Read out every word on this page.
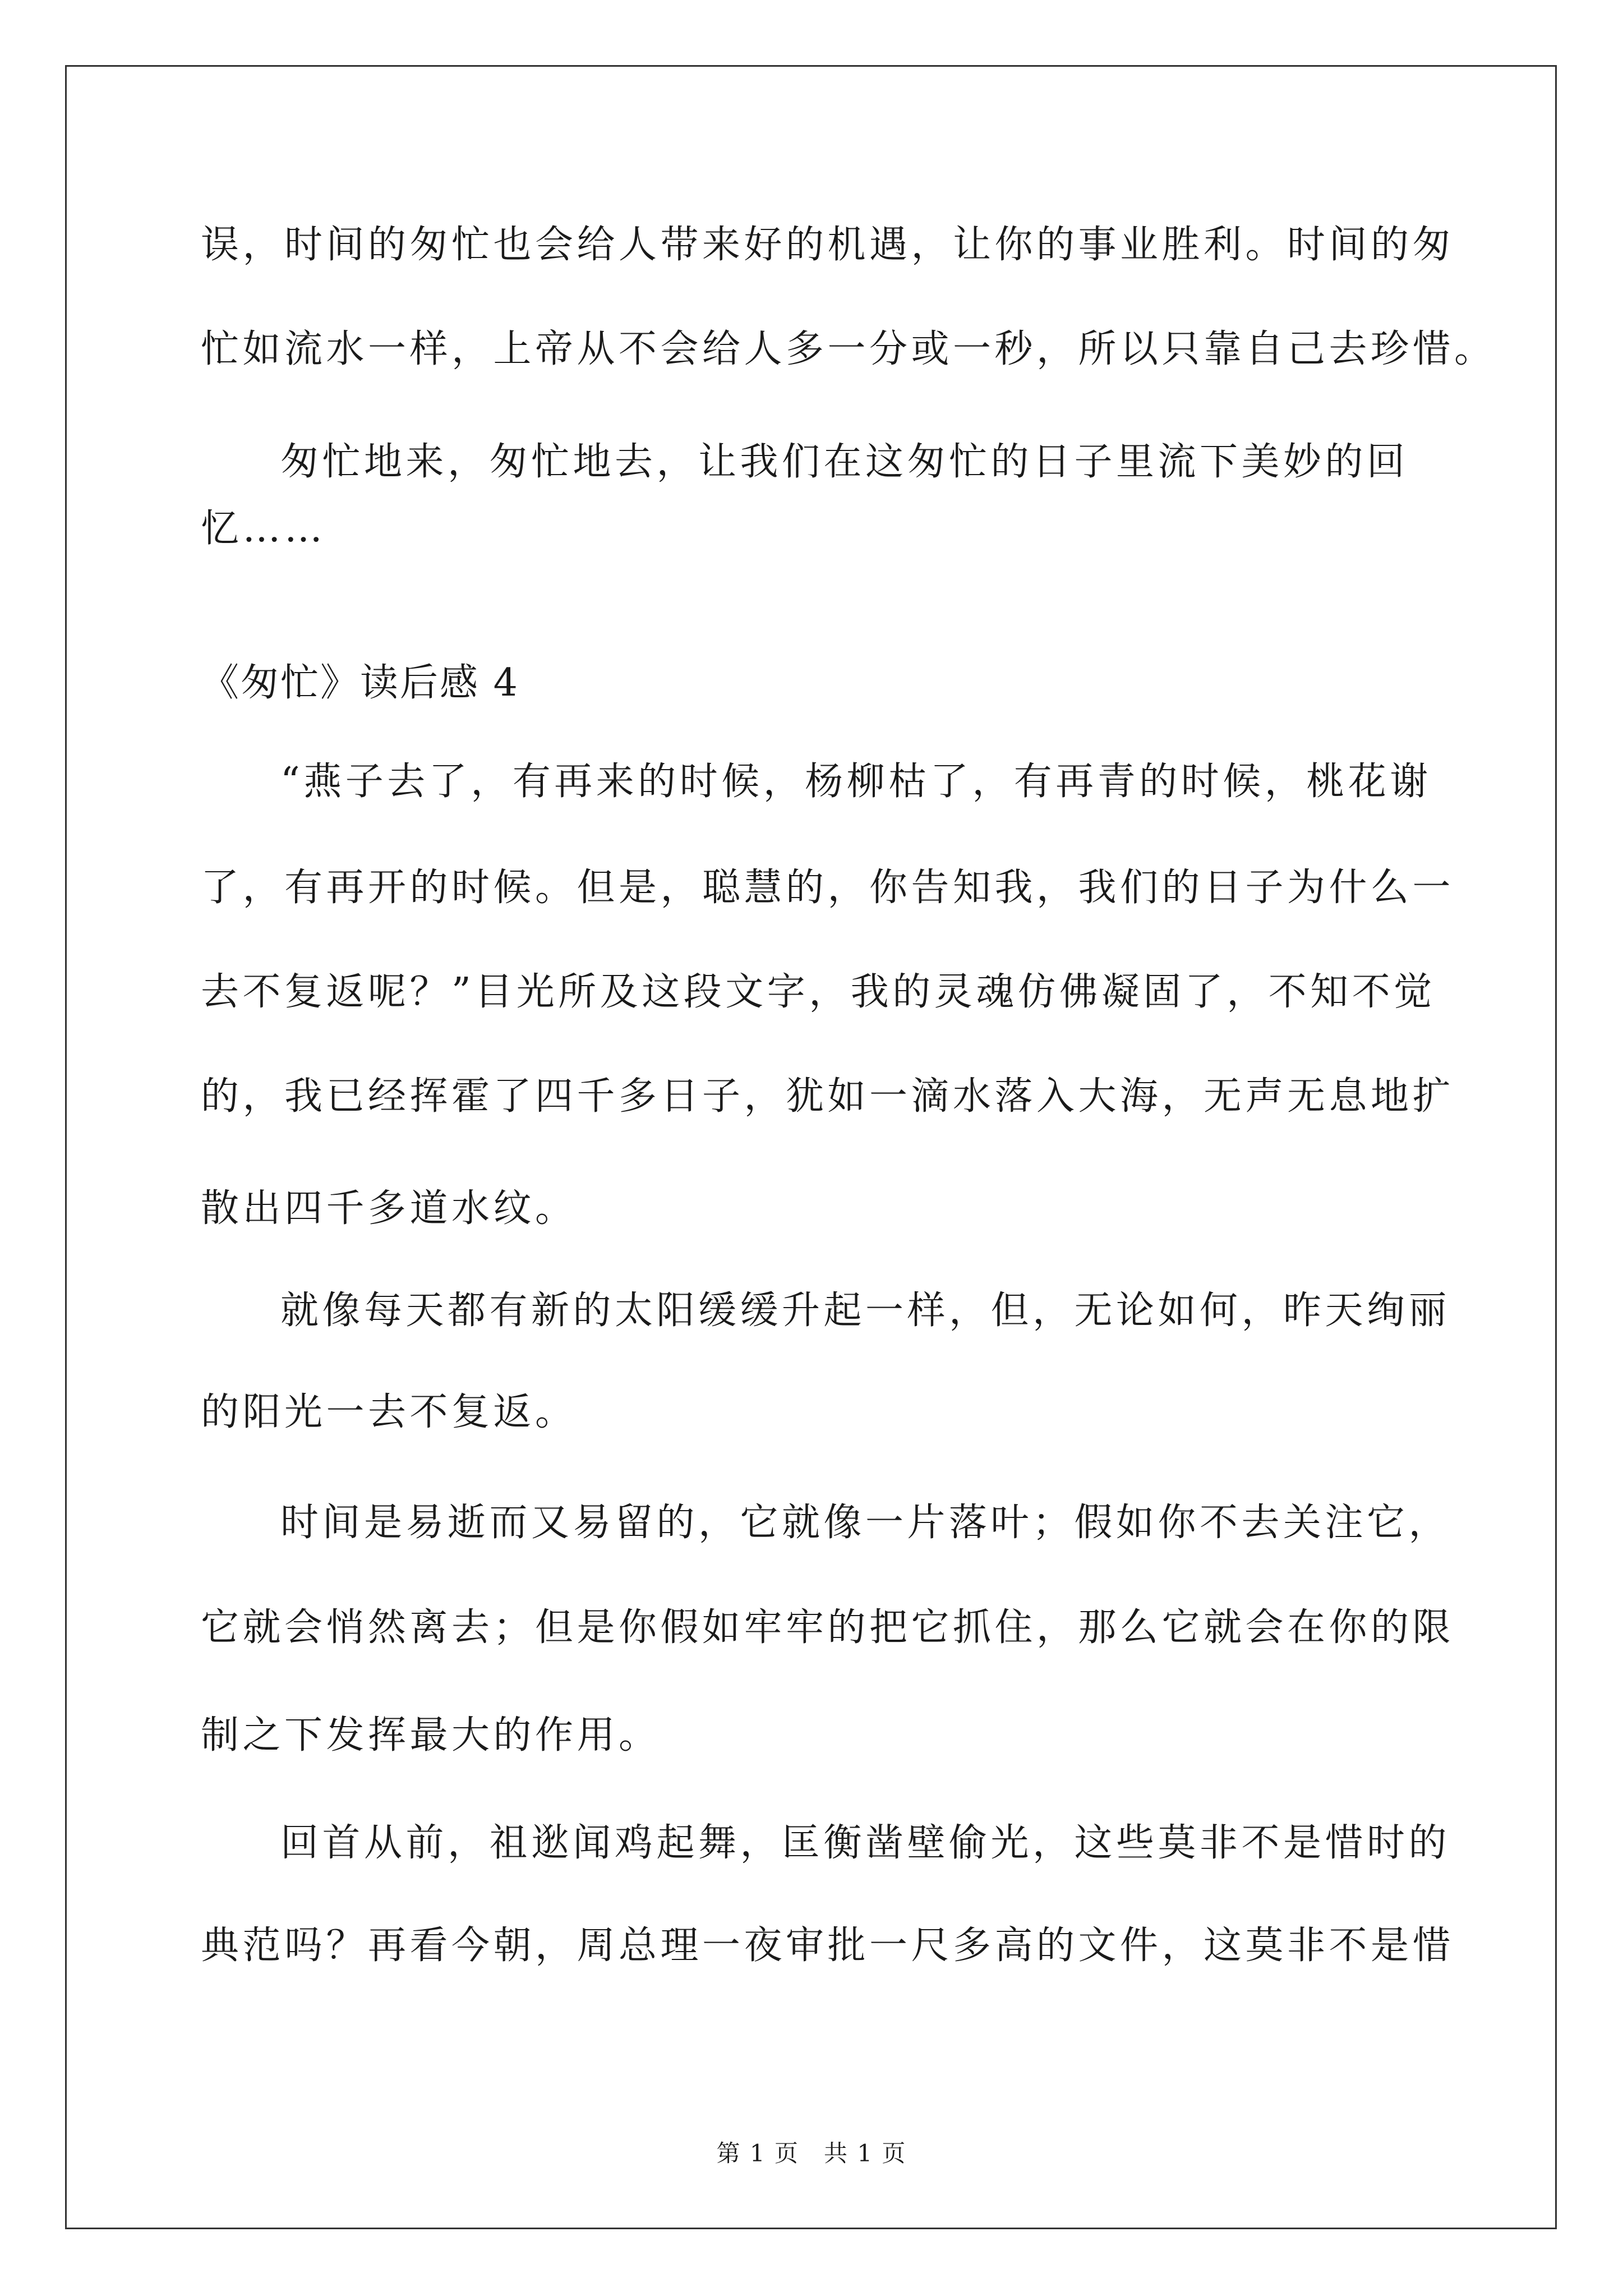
误，时间的匆忙也会给人带来好的机遇，让你的事业胜利。时间的匆
忙如流水一样，上帝从不会给人多一分或一秒，所以只靠自己去珍惜。
匆忙地来，匆忙地去，让我们在这匆忙的日子里流下美妙的回
忆……
《匆忙》读后感 4
“燕子去了，有再来的时候，杨柳枯了，有再青的时候，桃花谢
了，有再开的时候。但是，聪慧的，你告知我，我们的日子为什么一
去不复返呢？”目光所及这段文字，我的灵魂仿佛凝固了，不知不觉
的，我已经挥霍了四千多日子，犹如一滴水落入大海，无声无息地扩
散出四千多道水纹。
就像每天都有新的太阳缓缓升起一样，但，无论如何，昨天绚丽
的阳光一去不复返。
时间是易逝而又易留的，它就像一片落叶；假如你不去关注它，
它就会悄然离去；但是你假如牢牢的把它抓住，那么它就会在你的限
制之下发挥最大的作用。
回首从前，祖逖闻鸡起舞，匡衡凿壁偷光，这些莫非不是惜时的
典范吗？再看今朝，周总理一夜审批一尺多高的文件，这莫非不是惜
第 1 页　共 1 页
